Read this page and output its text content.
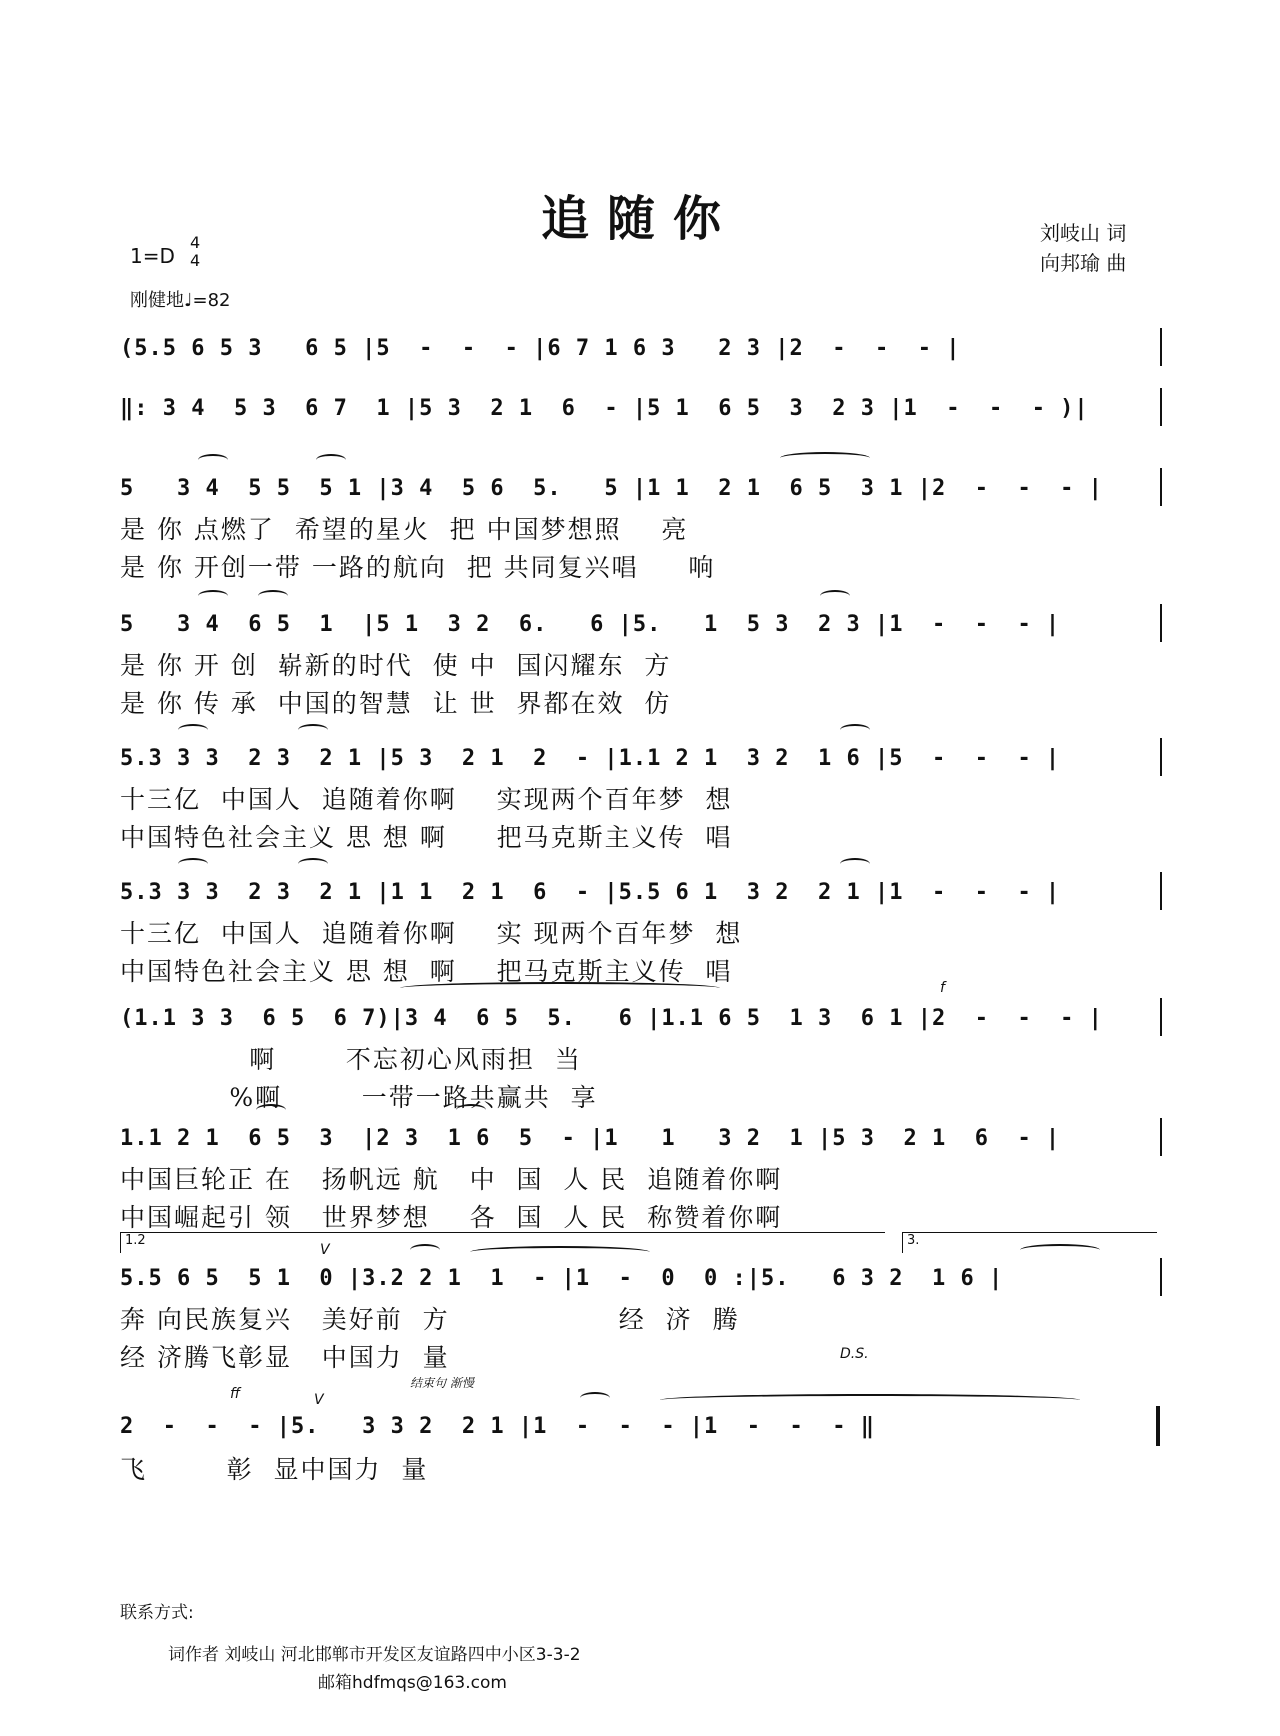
追随你	刘岐山 词
向邦瑜 曲
1=D
4
4
刚健地♩=82
(5.5 6 5 3   6 5 |5  -  -  - |6 7 1 6 3   2 3 |2  -  -  - |
‖: 3 4  5 3  6 7  1 |5 3  2 1  6  - |5 1  6 5  3  2 3 |1  -  -  - )|
5   3 4  5 5  5 1 |3 4  5 6  5.   5 |1 1  2 1  6 5  3 1 |2  -  -  - |
是 你 点燃了  希望的星火  把 中国梦想照    亮
是 你 开创一带 一路的航向  把 共同复兴唱     响
5   3 4  6 5  1  |5 1  3 2  6.   6 |5.   1  5 3  2 3 |1  -  -  - |
是 你 开 创  崭新的时代  使 中  国闪耀东  方
是 你 传 承  中国的智慧  让 世  界都在效  仿
5.3 3 3  2 3  2 1 |5 3  2 1  2  - |1.1 2 1  3 2  1 6 |5  -  -  - |
十三亿  中国人  追随着你啊    实现两个百年梦  想
中国特色社会主义 思 想 啊     把马克斯主义传  唱
5.3 3 3  2 3  2 1 |1 1  2 1  6  - |5.5 6 1  3 2  2 1 |1  -  -  - |
十三亿  中国人  追随着你啊    实 现两个百年梦  想
中国特色社会主义 思 想  啊    把马克斯主义传  唱
f
(1.1 3 3  6 5  6 7)|3 4  6 5  5.   6 |1.1 6 5  1 3  6 1 |2  -  -  - |
啊       不忘初心风雨担  当
%啊        一带一路共赢共  享
1.1 2 1  6 5  3  |2 3  1 6  5  - |1   1   3 2  1 |5 3  2 1  6  - |
中国巨轮正 在   扬帆远 航   中  国  人 民  追随着你啊
中国崛起引 领   世界梦想    各  国  人 民  称赞着你啊
1.2	3.
V
5.5 6 5  5 1  0 |3.2 2 1  1  - |1  -  0  0 :|5.   6 3 2  1 6 |
奔 向民族复兴   美好前  方                 经  济  腾
经 济腾飞彰显   中国力  量	D.S.
ff	V
结束句 渐慢
2  -  -  - |5.   3 3 2  2 1 |1  -  -  - |1  -  -  - ‖
飞        彰  显中国力  量
联系方式:
词作者 刘岐山 河北邯郸市开发区友谊路四中小区3-3-2
邮箱hdfmqs@163.com
